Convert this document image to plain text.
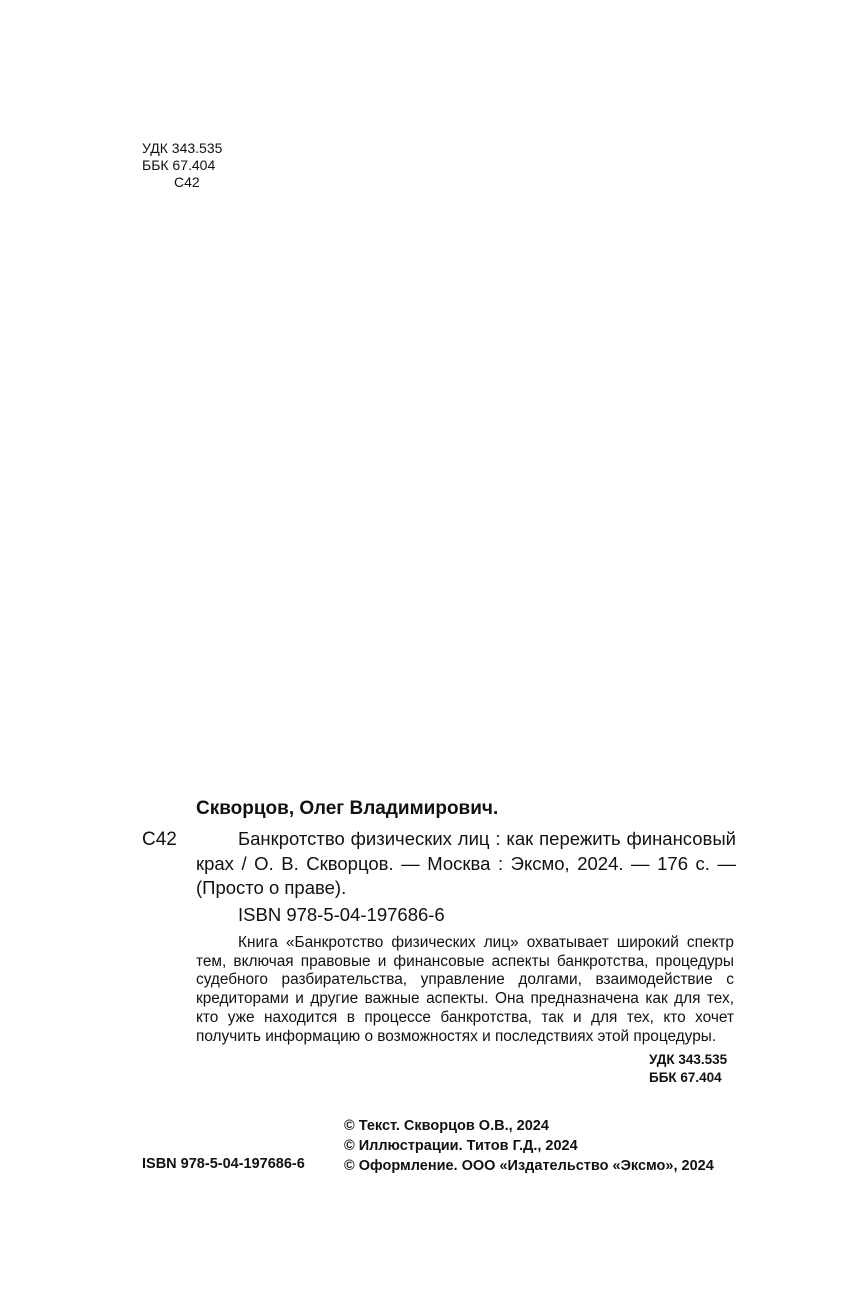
УДК 343.535
ББК 67.404
С42
Скворцов, Олег Владимирович.
С42	Банкротство физических лиц : как пережить финансовый крах / О. В. Скворцов. — Москва : Эксмо, 2024. — 176 с. — (Просто о праве).
ISBN 978-5-04-197686-6
Книга «Банкротство физических лиц» охватывает широкий спектр тем, включая правовые и финансовые аспекты банкротства, процедуры судебного разбирательства, управление долгами, взаимодействие с кредиторами и другие важные аспекты. Она предназначена как для тех, кто уже находится в процессе банкротства, так и для тех, кто хочет получить информацию о возможностях и последствиях этой процедуры.
УДК 343.535
ББК 67.404
ISBN 978-5-04-197686-6
© Текст. Скворцов О.В., 2024
© Иллюстрации. Титов Г.Д., 2024
© Оформление. ООО «Издательство «Эксмо», 2024
